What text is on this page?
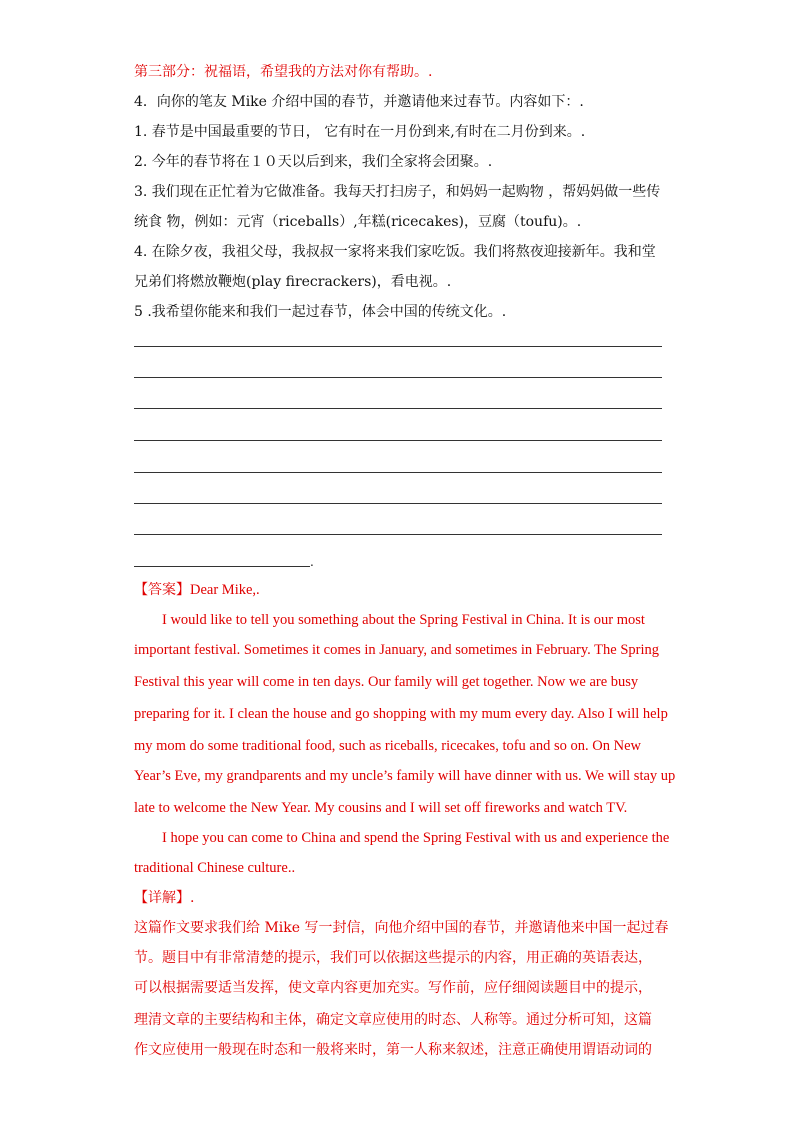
第三部分：祝福语，希望我的方法对你有帮助。.
4．向你的笔友 Mike 介绍中国的春节，并邀请他来过春节。内容如下：.
1. 春节是中国最重要的节日， 它有时在一月份到来,有时在二月份到来。.
2. 今年的春节将在１０天以后到来，我们全家将会团聚。.
3. 我们现在正忙着为它做准备。我每天打扫房子，和妈妈一起购物 ，帮妈妈做一些传
统食 物，例如：元宵（riceballs）,年糕(ricecakes)，豆腐（toufu)。.
4. 在除夕夜，我祖父母，我叔叔一家将来我们家吃饭。我们将熬夜迎接新年。我和堂
兄弟们将燃放鞭炮(play firecrackers)，看电视。.
5 .我希望你能来和我们一起过春节，体会中国的传统文化。.
.
【答案】Dear Mike,.
I would like to tell you something about the Spring Festival in China. It is our most
important festival. Sometimes it comes in January, and sometimes in February. The Spring
Festival this year will come in ten days. Our family will get together. Now we are busy
preparing for it. I clean the house and go shopping with my mum every day. Also I will help
my mom do some traditional food, such as riceballs, ricecakes, tofu and so on. On New
Year’s Eve, my grandparents and my uncle’s family will have dinner with us. We will stay up
late to welcome the New Year. My cousins and I will set off fireworks and watch TV.
I hope you can come to China and spend the Spring Festival with us and experience the
traditional Chinese culture..
【详解】.
这篇作文要求我们给 Mike 写一封信，向他介绍中国的春节，并邀请他来中国一起过春
节。题目中有非常清楚的提示，我们可以依据这些提示的内容，用正确的英语表达，
可以根据需要适当发挥，使文章内容更加充实。写作前，应仔细阅读题目中的提示，
理清文章的主要结构和主体，确定文章应使用的时态、人称等。通过分析可知，这篇
作文应使用一般现在时态和一般将来时，第一人称来叙述，注意正确使用谓语动词的
